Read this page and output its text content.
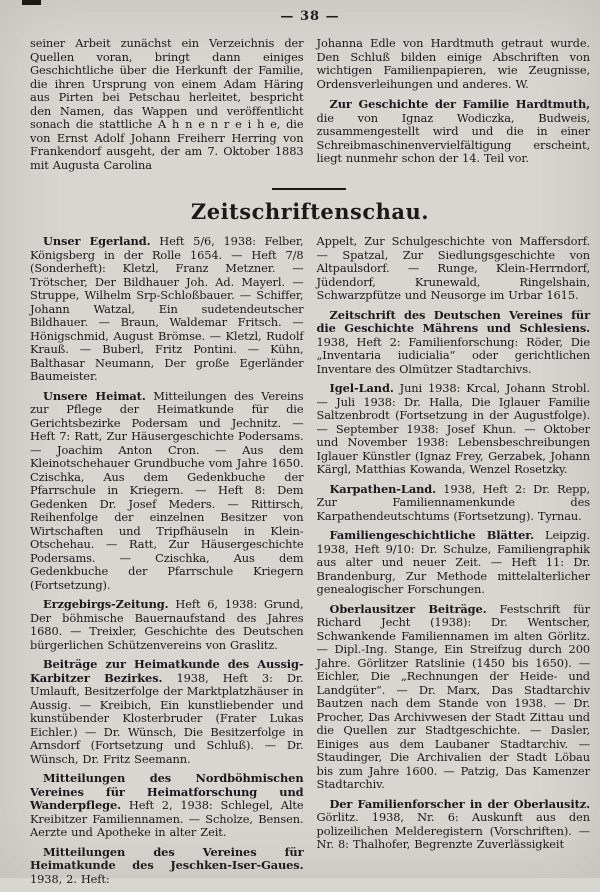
— 38 —

seiner Arbeit zunächst ein Verzeichnis der Quellen voran, bringt dann einiges Geschichtliche über die Herkunft der Familie, die ihren Ursprung von einem Adam Häring aus Pirten bei Petschau herleitet, bespricht den Namen, das Wappen und veröffentlicht sonach die stattliche A h n e n r e i h e, die von Ernst Adolf Johann Freiherr Herring von Frankendorf ausgeht, der am 7. Oktober 1883 mit Augusta Carolina

Johanna Edle von Hardtmuth getraut wurde. Den Schluß bilden einige Abschriften von wichtigen Familienpapieren, wie Zeugnisse, Ordensverleihungen und anderes. W.

Zur Geschichte der Familie Hardtmuth, die von Ignaz Wodiczka, Budweis, zusammengestellt wird und die in einer Schreibmaschinenvervielfältigung erscheint, liegt nunmehr schon der 14. Teil vor.

Zeitschriftenschau.

Unser Egerland. Heft 5/6, 1938: Felber, Königsberg in der Rolle 1654. — Heft 7/8 (Sonderheft): Kletzl, Franz Metzner. — Trötscher, Der Bildhauer Joh. Ad. Mayerl. — Struppe, Wilhelm Srp-Schloßbauer. — Schiffer, Johann Watzal, Ein sudetendeutscher Bildhauer. — Braun, Waldemar Fritsch. — Hönigschmid, August Brömse. — Kletzl, Rudolf Krauß. — Buberl, Fritz Pontini. — Kühn, Balthasar Neumann, Der große Egerländer Baumeister.

Unsere Heimat. Mitteilungen des Vereins zur Pflege der Heimatkunde für die Gerichtsbezirke Podersam und Jechnitz. — Heft 7: Ratt, Zur Häusergeschichte Podersams. — Joachim Anton Cron. — Aus dem Kleinotschehauer Grundbuche vom Jahre 1650. Czischka, Aus dem Gedenkbuche der Pfarrschule in Kriegern. — Heft 8: Dem Gedenken Dr. Josef Meders. — Rittirsch, Reihenfolge der einzelnen Besitzer von Wirtschaften und Tripfhäuseln in Klein-Otschehau. — Ratt, Zur Häusergeschichte Podersams. — Czischka, Aus dem Gedenkbuche der Pfarrschule Kriegern (Fortsetzung).

Erzgebirgs-Zeitung. Heft 6, 1938: Grund, Der böhmische Bauernaufstand des Jahres 1680. — Treixler, Geschichte des Deutschen bürgerlichen Schützenvereins von Graslitz.

Beiträge zur Heimatkunde des Aussig-Karbitzer Bezirkes. 1938, Heft 3: Dr. Umlauft, Besitzerfolge der Marktplatzhäuser in Aussig. — Kreibich, Ein kunstliebender und kunstübender Klosterbruder (Frater Lukas Eichler.) — Dr. Wünsch, Die Besitzerfolge in Arnsdorf (Fortsetzung und Schluß). — Dr. Wünsch, Dr. Fritz Seemann.

Mitteilungen des Nordböhmischen Vereines für Heimatforschung und Wanderpflege. Heft 2, 1938: Schlegel, Alte Kreibitzer Familiennamen. — Scholze, Bensen. Aerzte und Apotheke in alter Zeit.

Mitteilungen des Vereines für Heimatkunde des Jeschken-Iser-Gaues. 1938, 2. Heft:

Appelt, Zur Schulgeschichte von Maffersdorf. — Spatzal, Zur Siedlungsgeschichte von Altpaulsdorf. — Runge, Klein-Herrndorf, Jüdendorf, Krunewald, Ringelshain, Schwarzpfütze und Neusorge im Urbar 1615.

Zeitschrift des Deutschen Vereines für die Geschichte Mährens und Schlesiens. 1938, Heft 2: Familienforschung: Röder, Die „Inventaria iudicialia“ oder gerichtlichen Inventare des Olmützer Stadtarchivs.

Igel-Land. Juni 1938: Krcal, Johann Strobl. — Juli 1938: Dr. Halla, Die Iglauer Familie Saltzenbrodt (Fortsetzung in der Augustfolge). — September 1938: Josef Khun. — Oktober und November 1938: Lebensbeschreibungen Iglauer Künstler (Ignaz Frey, Gerzabek, Johann Kärgl, Matthias Kowanda, Wenzel Rosetzky.

Karpathen-Land. 1938, Heft 2: Dr. Repp, Zur Familiennamenkunde des Karpathendeutschtums (Fortsetzung). Tyrnau.

Familiengeschichtliche Blätter. Leipzig. 1938, Heft 9/10: Dr. Schulze, Familiengraphik aus alter und neuer Zeit. — Heft 11: Dr. Brandenburg, Zur Methode mittelalterlicher genealogischer Forschungen.

Oberlausitzer Beiträge. Festschrift für Richard Jecht (1938): Dr. Wentscher, Schwankende Familiennamen im alten Görlitz. — Dipl.-Ing. Stange, Ein Streifzug durch 200 Jahre. Görlitzer Ratslinie (1450 bis 1650). — Eichler, Die „Rechnungen der Heide- und Landgüter“. — Dr. Marx, Das Stadtarchiv Bautzen nach dem Stande von 1938. — Dr. Procher, Das Archivwesen der Stadt Zittau und die Quellen zur Stadtgeschichte. — Dasler, Einiges aus dem Laubaner Stadtarchiv. — Staudinger, Die Archivalien der Stadt Löbau bis zum Jahre 1600. — Patzig, Das Kamenzer Stadtarchiv.

Der Familienforscher in der Oberlausitz. Görlitz. 1938, Nr. 6: Auskunft aus den polizeilichen Melderegistern (Vorschriften). — Nr. 8: Thalhofer, Begrenzte Zuverlässigkeit
